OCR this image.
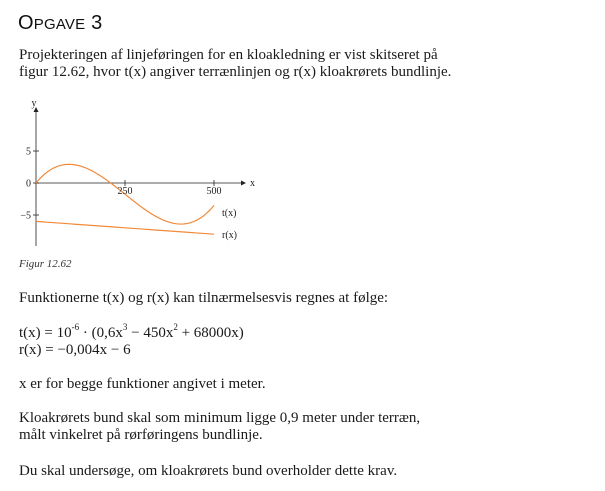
OPGAVE 3

Projekteringen af linjeføringen for en kloakledning er vist skitseret på
figur 12.62, hvor t(x) angiver terrænlinjen og r(x) kloakrørets bundlinje.

250	500
5
0
−5
x
y
t(x)
r(x)
Figur 12.62

Funktionerne t(x) og r(x) kan tilnærmelsesvis regnes at følge:

$t(x) = 10^{-6} \cdot (0,6x^3 - 450x^2 + 68000x)$

r(x) = −0,004x − 6

x er for begge funktioner angivet i meter.

Kloakrørets bund skal som minimum ligge 0,9 meter under terræn,
målt vinkelret på rørføringens bundlinje.

Du skal undersøge, om kloakrørets bund overholder dette krav.
